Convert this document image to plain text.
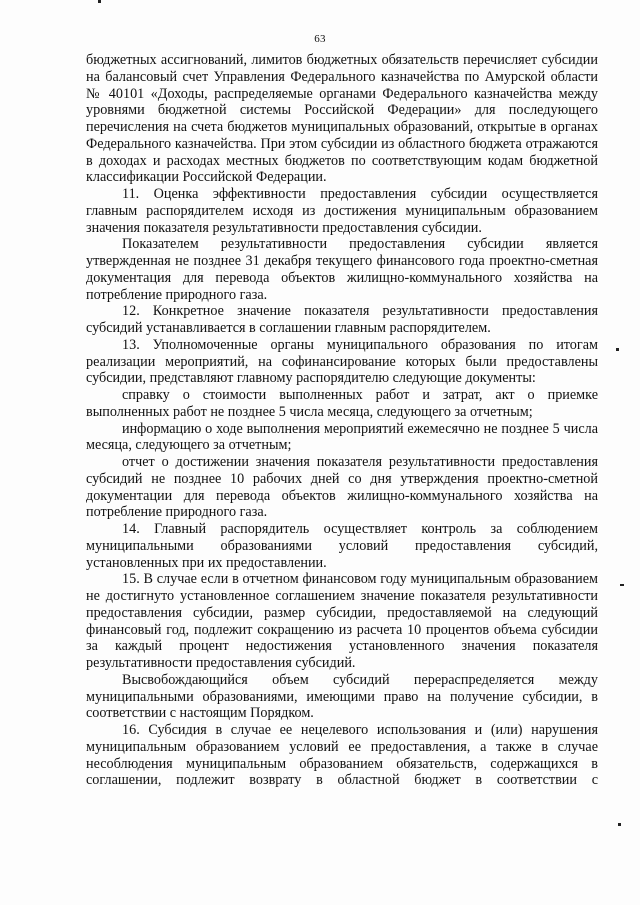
63

бюджетных ассигнований, лимитов бюджетных обязательств перечисляет субсидии на балансовый счет Управления Федерального казначейства по Амурской области № 40101 «Доходы, распределяемые органами Федерального казначейства между уровнями бюджетной системы Российской Федерации» для последующего перечисления на счета бюджетов муниципальных образований, открытые в органах Федерального казначейства. При этом субсидии из областного бюджета отражаются в доходах и расходах местных бюджетов по соответствующим кодам бюджетной классификации Российской Федерации.

11. Оценка эффективности предоставления субсидии осуществляется главным распорядителем исходя из достижения муниципальным образованием значения показателя результативности предоставления субсидии.

Показателем результативности предоставления субсидии является утвержденная не позднее 31 декабря текущего финансового года проектно-сметная документация для перевода объектов жилищно-коммунального хозяйства на потребление природного газа.

12. Конкретное значение показателя результативности предоставления субсидий устанавливается в соглашении главным распорядителем.

13. Уполномоченные органы муниципального образования по итогам реализации мероприятий, на софинансирование которых были предоставлены субсидии, представляют главному распорядителю следующие документы:

справку о стоимости выполненных работ и затрат, акт о приемке выполненных работ не позднее 5 числа месяца, следующего за отчетным;

информацию о ходе выполнения мероприятий ежемесячно не позднее 5 числа месяца, следующего за отчетным;

отчет о достижении значения показателя результативности предоставления субсидий не позднее 10 рабочих дней со дня утверждения проектно-сметной документации для перевода объектов жилищно-коммунального хозяйства на потребление природного газа.

14. Главный распорядитель осуществляет контроль за соблюдением муниципальными образованиями условий предоставления субсидий, установленных при их предоставлении.

15. В случае если в отчетном финансовом году муниципальным образованием не достигнуто установленное соглашением значение показателя результативности предоставления субсидии, размер субсидии, предоставляемой на следующий финансовый год, подлежит сокращению из расчета 10 процентов объема субсидии за каждый процент недостижения установленного значения показателя результативности предоставления субсидий.

Высвобождающийся объем субсидий перераспределяется между муниципальными образованиями, имеющими право на получение субсидии, в соответствии с настоящим Порядком.

16. Субсидия в случае ее нецелевого использования и (или) нарушения муниципальным образованием условий ее предоставления, а также в случае несоблюдения муниципальным образованием обязательств, содержащихся в соглашении, подлежит возврату в областной бюджет в соответствии с
